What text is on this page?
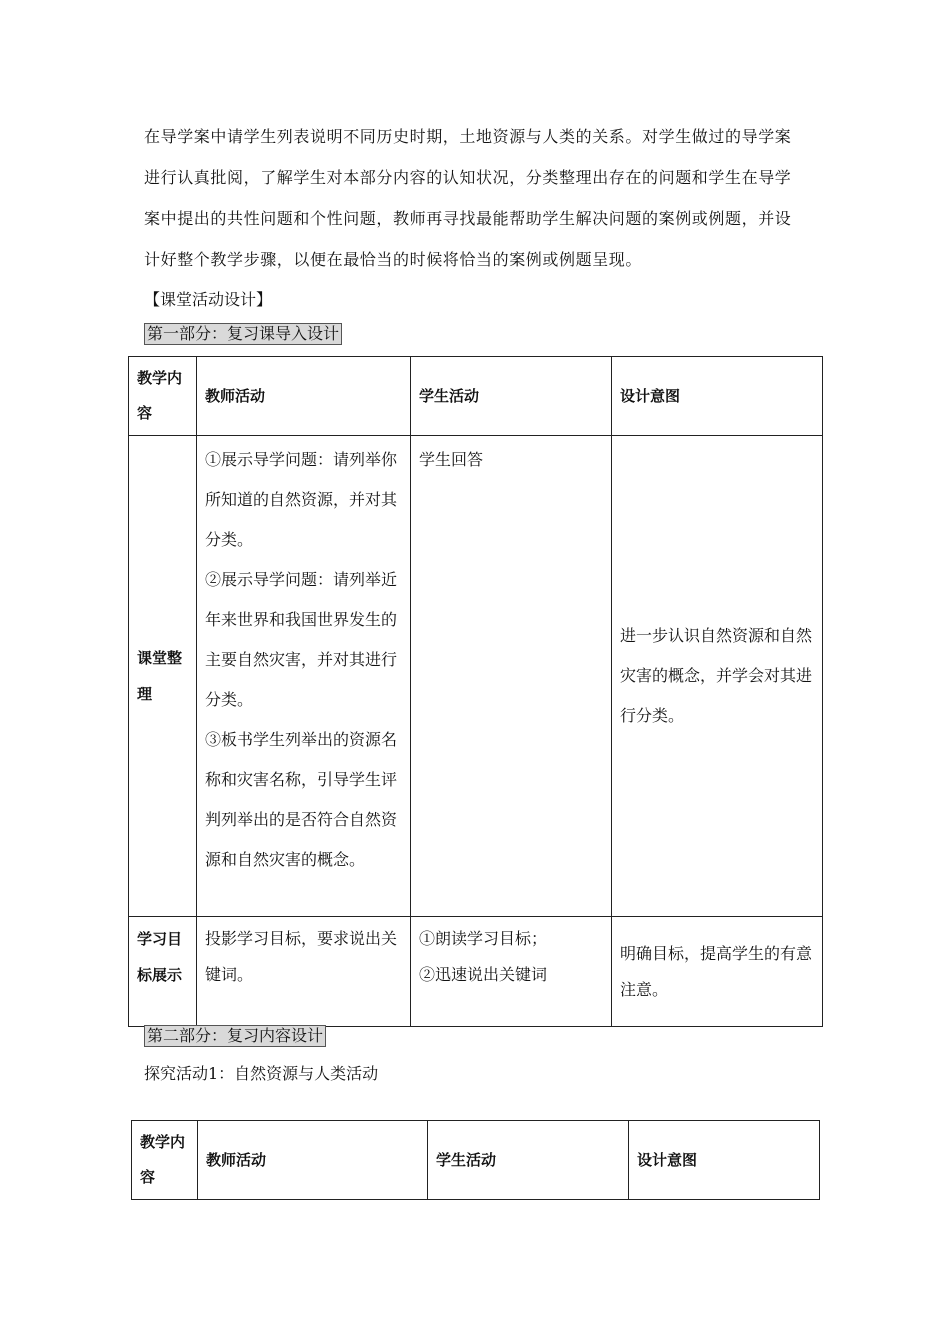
在导学案中请学生列表说明不同历史时期，土地资源与人类的关系。对学生做过的导学案

进行认真批阅，了解学生对本部分内容的认知状况，分类整理出存在的问题和学生在导学

案中提出的共性问题和个性问题，教师再寻找最能帮助学生解决问题的案例或例题，并设

计好整个教学步骤，以便在最恰当的时候将恰当的案例或例题呈现。

【课堂活动设计】
第一部分：复习课导入设计
教学内容	教师活动	学生活动	设计意图
课堂整理	①展示导学问题：请列举你所知道的自然资源，并对其分类。
②展示导学问题：请列举近年来世界和我国世界发生的主要自然灾害，并对其进行分类。
③板书学生列举出的资源名称和灾害名称，引导学生评判列举出的是否符合自然资源和自然灾害的概念。	学生回答	进一步认识自然资源和自然灾害的概念，并学会对其进行分类。
学习目标展示	投影学习目标，要求说出关键词。	①朗读学习目标；
②迅速说出关键词	明确目标，提高学生的有意注意。
第二部分：复习内容设计
探究活动1：自然资源与人类活动
教学内容	教师活动	学生活动	设计意图
